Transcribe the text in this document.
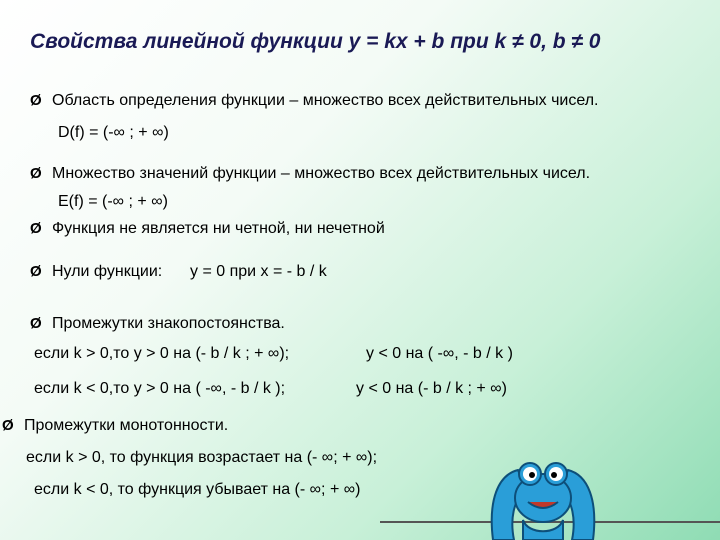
Свойства линейной функции y = kx + b при k ≠ 0, b ≠ 0
Ø Область определения функции – множество всех действительных чисел.
D(f) = (-∞ ; + ∞)
Ø Множество значений функции – множество всех действительных чисел.
E(f) = (-∞ ; + ∞)
Ø Функция не является ни четной, ни нечетной
Ø Нули функции: y = 0 при x = - b / k
Ø Промежутки знакопостоянства.
если k > 0,то y > 0 на (- b / k ; + ∞);	y < 0 на ( -∞, - b / k )
если k < 0,то y > 0 на ( -∞, - b / k );	y < 0 на (- b / k ; + ∞)
Ø Промежутки монотонности.
если k > 0, то функция возрастает на (- ∞; + ∞);
если k < 0, то функция убывает на (- ∞; + ∞)
